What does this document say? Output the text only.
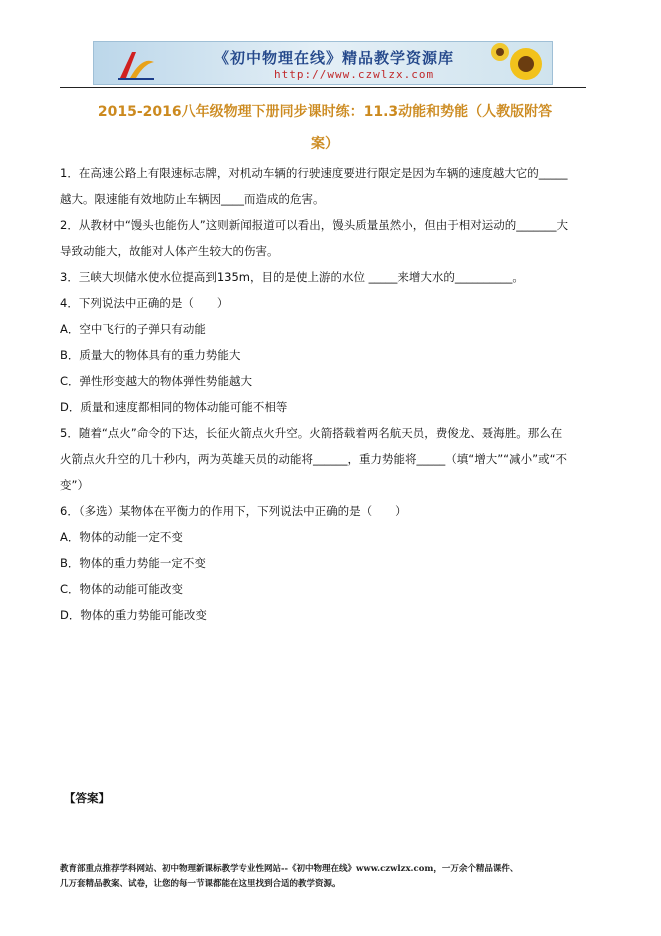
《初中物理在线》精品教学资源库
http://www.czwlzx.com
2015-2016八年级物理下册同步课时练：11.3动能和势能（人教版附答
案）
1．在高速公路上有限速标志牌，对机动车辆的行驶速度要进行限定是因为车辆的速度越大它的_____
越大。限速能有效地防止车辆因____而造成的危害。
2．从教材中“馒头也能伤人”这则新闻报道可以看出，馒头质量虽然小，但由于相对运动的_______大
导致动能大，故能对人体产生较大的伤害。
3．三峡大坝储水使水位提高到135m，目的是使上游的水位 _____来增大水的__________。
4．下列说法中正确的是（　　）
A．空中飞行的子弹只有动能
B．质量大的物体具有的重力势能大
C．弹性形变越大的物体弹性势能越大
D．质量和速度都相同的物体动能可能不相等
5．随着“点火”命令的下达，长征火箭点火升空。火箭搭载着两名航天员，费俊龙、聂海胜。那么在
火箭点火升空的几十秒内，两为英雄天员的动能将______，重力势能将_____（填“增大”“减小”或“不
变”）
6．（多选）某物体在平衡力的作用下，下列说法中正确的是（　　）
A．物体的动能一定不变
B．物体的重力势能一定不变
C．物体的动能可能改变
D．物体的重力势能可能改变
【答案】
教育部重点推荐学科网站、初中物理新课标教学专业性网站--《初中物理在线》www.czwlzx.com，一万余个精品课件、
几万套精品教案、试卷，让您的每一节课都能在这里找到合适的教学资源。
